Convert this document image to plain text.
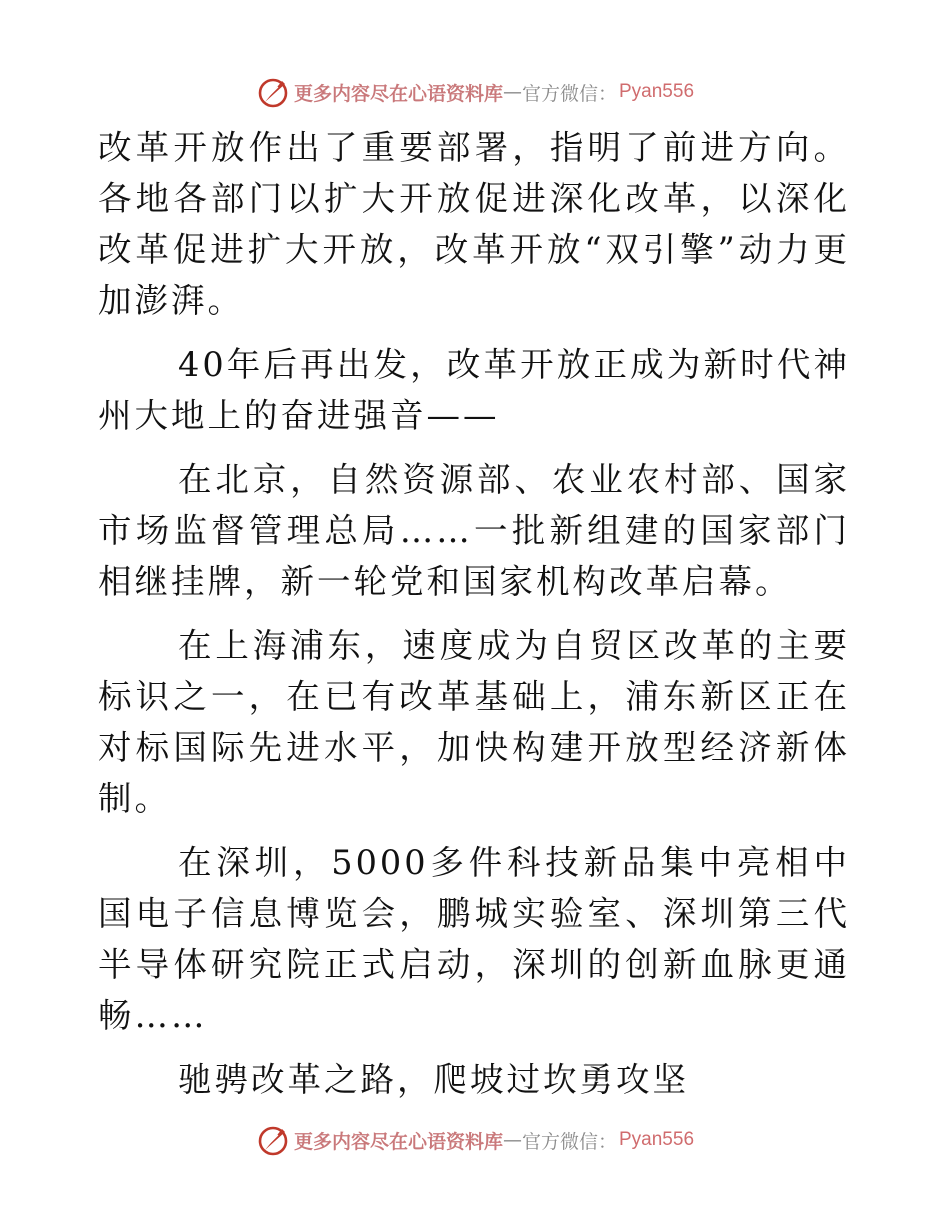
更多内容尽在心语资料库 — 官方微信： Pyan556

改革开放作出了重要部署，指明了前进方向。各地各部门以扩大开放促进深化改革，以深化改革促进扩大开放，改革开放“双引擎”动力更加澎湃。

40年后再出发，改革开放正成为新时代神州大地上的奋进强音——

在北京，自然资源部、农业农村部、国家市场监督管理总局……一批新组建的国家部门相继挂牌，新一轮党和国家机构改革启幕。

在上海浦东，速度成为自贸区改革的主要标识之一，在已有改革基础上，浦东新区正在对标国际先进水平，加快构建开放型经济新体制。

在深圳，5000多件科技新品集中亮相中国电子信息博览会，鹏城实验室、深圳第三代半导体研究院正式启动，深圳的创新血脉更通畅……

驰骋改革之路，爬坡过坎勇攻坚

更多内容尽在心语资料库 — 官方微信： Pyan556
